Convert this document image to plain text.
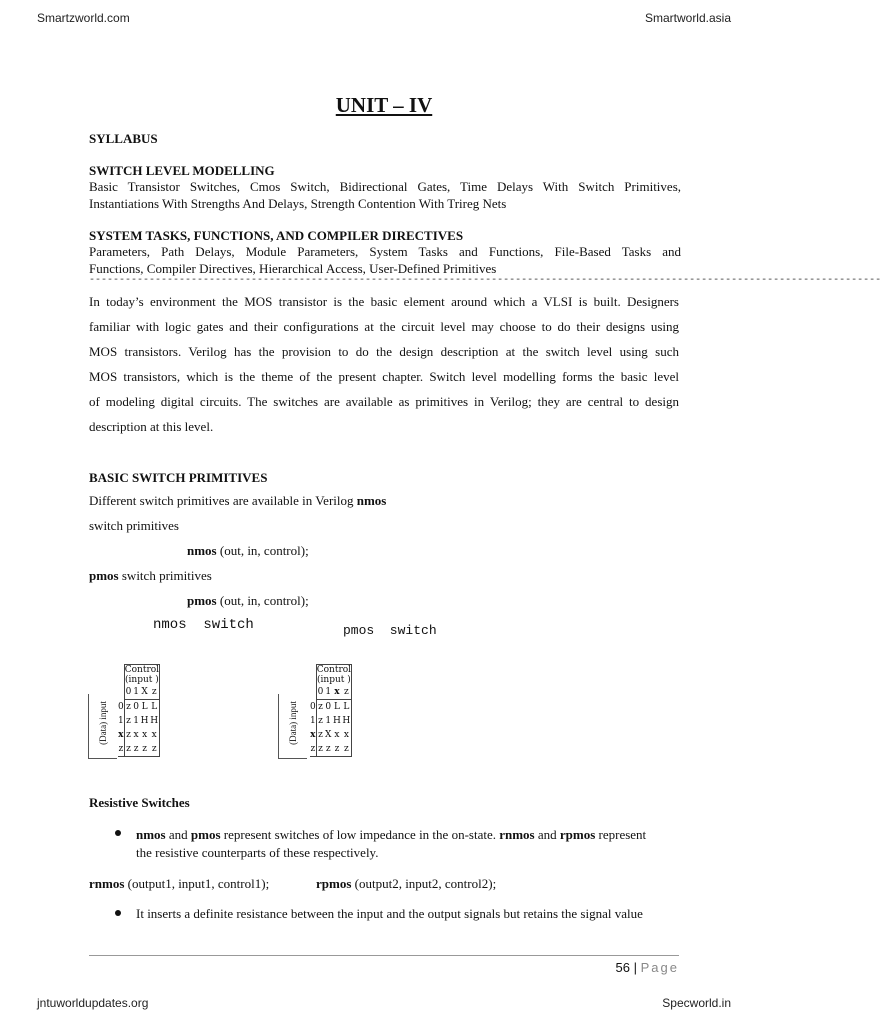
Smartzworld.com	Smartworld.asia
UNIT – IV
SYLLABUS
SWITCH LEVEL MODELLING
Basic Transistor Switches, Cmos Switch, Bidirectional Gates, Time Delays With Switch Primitives,
Instantiations With Strengths And Delays, Strength Contention With Trireg Nets
SYSTEM TASKS, FUNCTIONS, AND COMPILER DIRECTIVES
Parameters, Path Delays, Module Parameters, System Tasks and Functions, File-Based Tasks and
Functions, Compiler Directives, Hierarchical Access, User-Defined Primitives
------------------------------------------------------------------------------------------------------------------------------------
In today’s environment the MOS transistor is the basic element around which a VLSI is built. Designers
familiar with logic gates and their configurations at the circuit level may choose to do their designs using
MOS transistors. Verilog has the provision to do the design description at the switch level using such
MOS transistors, which is the theme of the present chapter. Switch level modelling forms the basic level
of modeling digital circuits. The switches are available as primitives in Verilog; they are central to design
description at this level.
BASIC SWITCH PRIMITIVES
Different switch primitives are available in Verilog nmos
switch primitives
nmos (out, in, control);
pmos switch primitives
pmos (out, in, control);
nmos  switch	pmos  switch
(Data) input
	Control (input )			
	0	1	X	z
0	z	0	L	L
1	z	1	H	H
x	z	x	x	x
z	z	z	z	z
(Data) input
	Control (input )			
	0	1	x	z
0	z	0	L	L
1	z	1	H	H
x	z	X	x	x
z	z	z	z	z
Resistive Switches
nmos and pmos represent switches of low impedance in the on-state. rnmos and rpmos represent
the resistive counterparts of these respectively.
rnmos (output1, input1, control1);	rpmos (output2, input2, control2);
It inserts a definite resistance between the input and the output signals but retains the signal value
56 | Page
jntuworldupdates.org	Specworld.in
